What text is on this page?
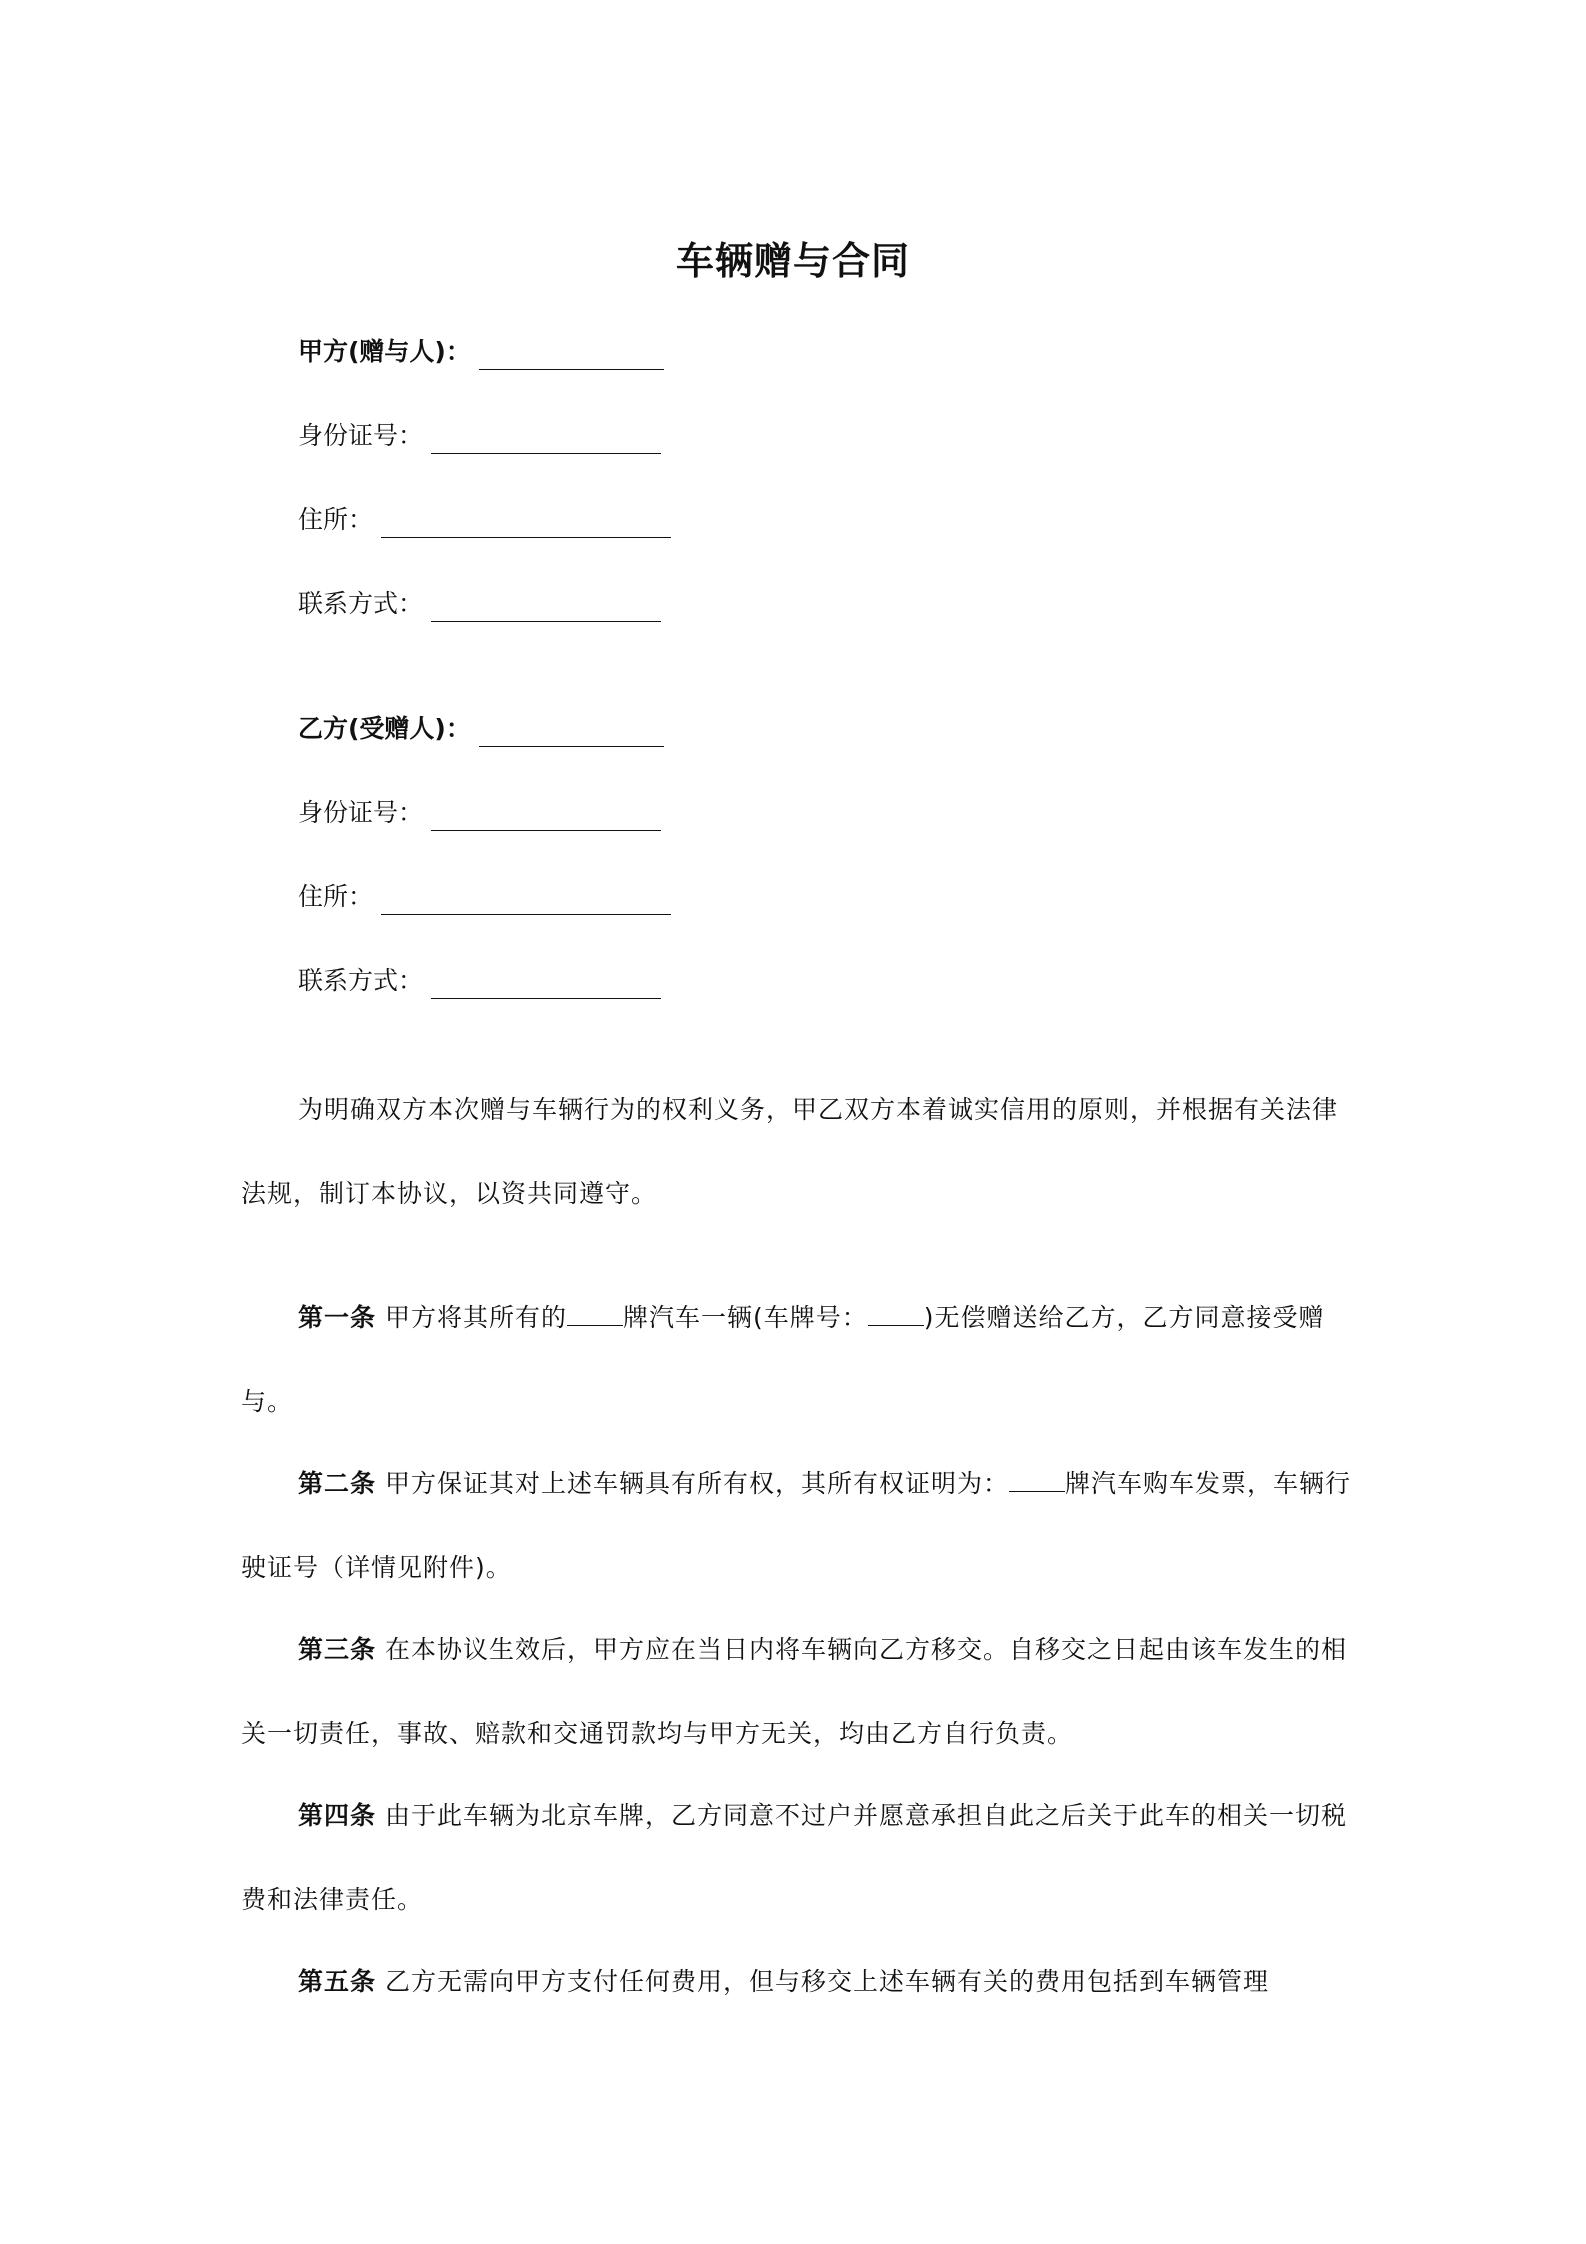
车辆赠与合同
甲方(赠与人)：
身份证号：
住所：
联系方式：
乙方(受赠人)：
身份证号：
住所：
联系方式：
为明确双方本次赠与车辆行为的权利义务，甲乙双方本着诚实信用的原则，并根据有关法律法规，制订本协议，以资共同遵守。
第一条 甲方将其所有的 牌汽车一辆(车牌号： )无偿赠送给乙方，乙方同意接受赠与。
第二条 甲方保证其对上述车辆具有所有权，其所有权证明为： 牌汽车购车发票，车辆行驶证号（详情见附件)。
第三条 在本协议生效后，甲方应在当日内将车辆向乙方移交。自移交之日起由该车发生的相关一切责任，事故、赔款和交通罚款均与甲方无关，均由乙方自行负责。
第四条 由于此车辆为北京车牌，乙方同意不过户并愿意承担自此之后关于此车的相关一切税费和法律责任。
第五条 乙方无需向甲方支付任何费用，但与移交上述车辆有关的费用包括到车辆管理
